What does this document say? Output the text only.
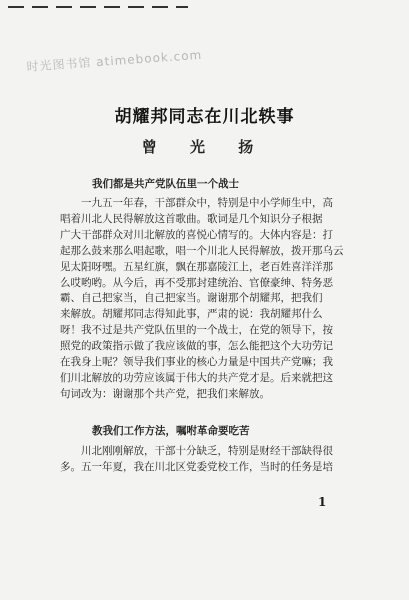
时光图书馆 atimebook.com
胡耀邦同志在川北轶事
曾 光 扬
我们都是共产党队伍里一个战士
一九五一年春，干部群众中，特别是中小学师生中，高
唱着川北人民得解放这首歌曲。歌词是几个知识分子根据
广大干部群众对川北解放的喜悦心情写的。大体内容是：打
起那么鼓来那么唱起歌，唱一个川北人民得解放，拨开那乌云
见太阳呀嘿。五星红旗，飘在那嘉陵江上，老百姓喜洋洋那
么哎哟哟。从今后，再不受那封建统治、官僚豪绅、特务恶
霸、自己把家当，自己把家当。谢谢那个胡耀邦，把我们
来解放。胡耀邦同志得知此事，严肃的说：我胡耀邦什么
呀！我不过是共产党队伍里的一个战士，在党的领导下，按
照党的政策指示做了我应该做的事，怎么能把这个大功劳记
在我身上呢？领导我们事业的核心力量是中国共产党嘛；我
们川北解放的功劳应该属于伟大的共产党才是。后来就把这
句词改为：谢谢那个共产党，把我们来解放。
教我们工作方法，嘱咐革命要吃苦
川北刚刚解放，干部十分缺乏，特别是财经干部缺得很
多。五一年夏，我在川北区党委党校工作，当时的任务是培
1
